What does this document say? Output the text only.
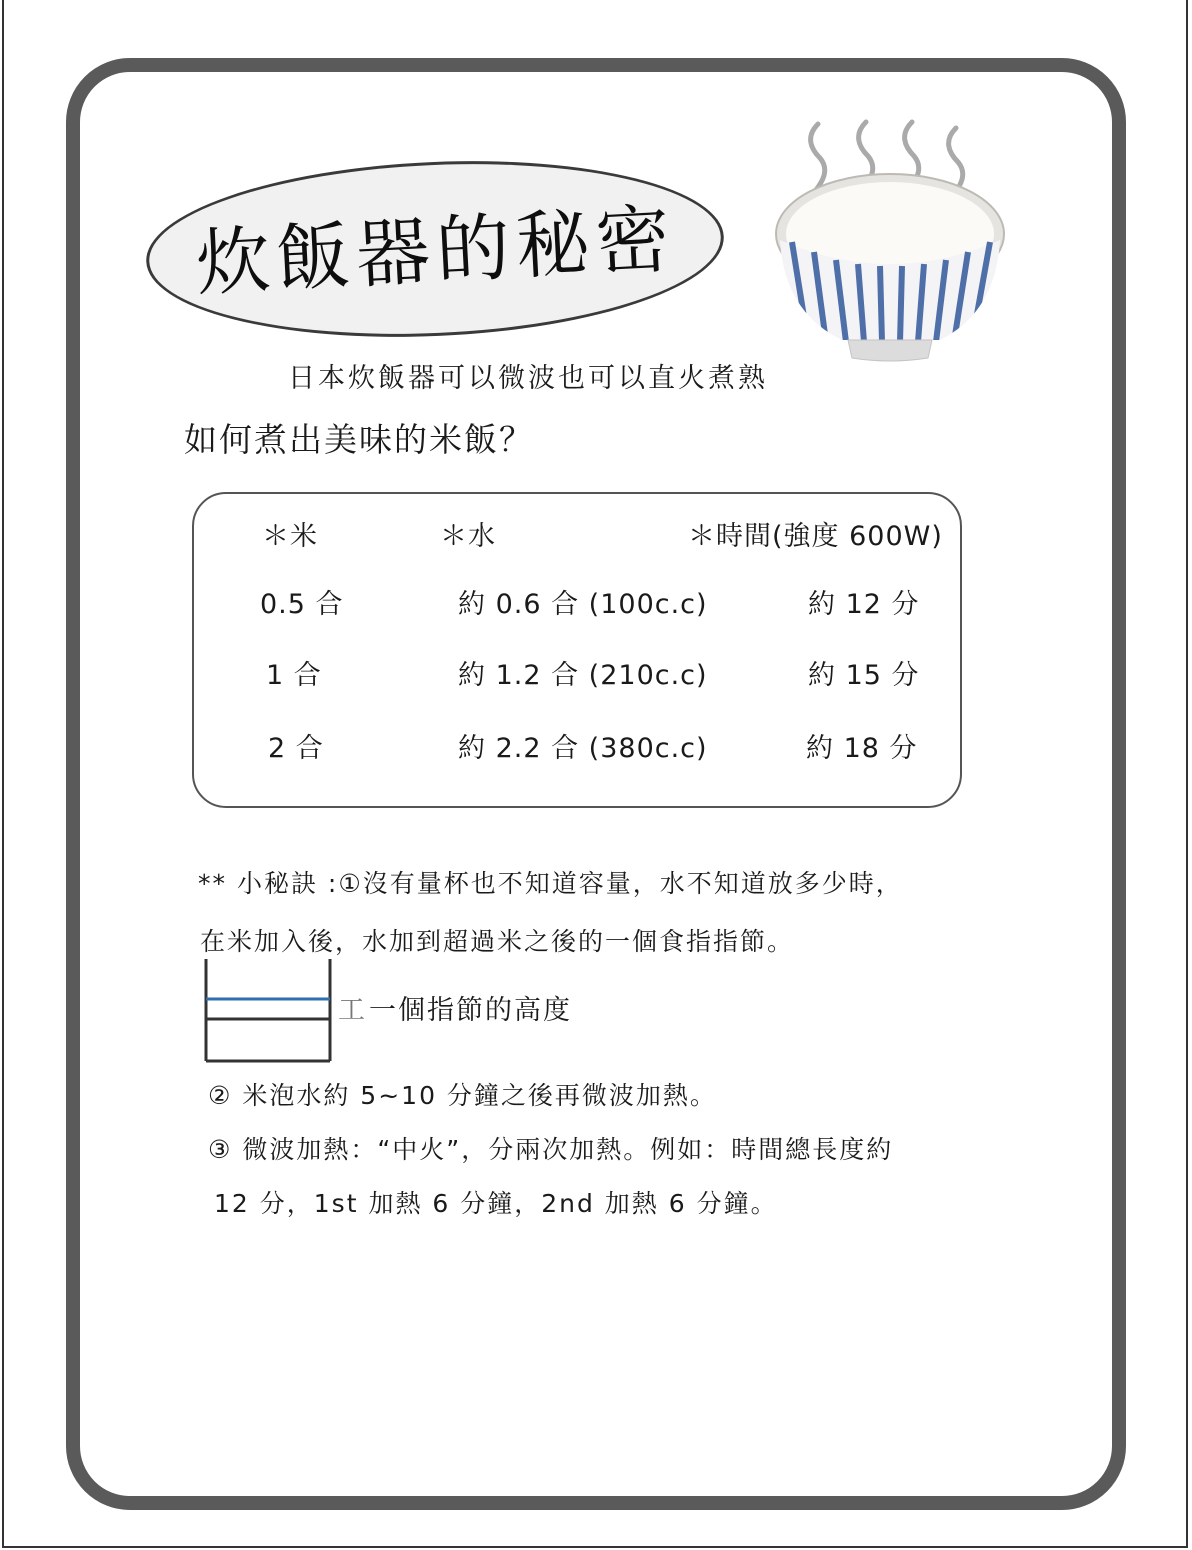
炊飯器的秘密
日本炊飯器可以微波也可以直火煮熟
如何煮出美味的米飯？
＊米	＊水	＊時間(強度 600W)
0.5 合	約 0.6 合 (100c.c)	約 12 分
1 合	約 1.2 合 (210c.c)	約 15 分
2 合	約 2.2 合 (380c.c)	約 18 分
** 小秘訣 :①沒有量杯也不知道容量，水不知道放多少時，
在米加入後，水加到超過米之後的一個食指指節。
工一個指節的高度
② 米泡水約 5~10 分鐘之後再微波加熱。
③ 微波加熱：“中火”，分兩次加熱。例如：時間總長度約
12 分，1st 加熱 6 分鐘，2nd 加熱 6 分鐘。
